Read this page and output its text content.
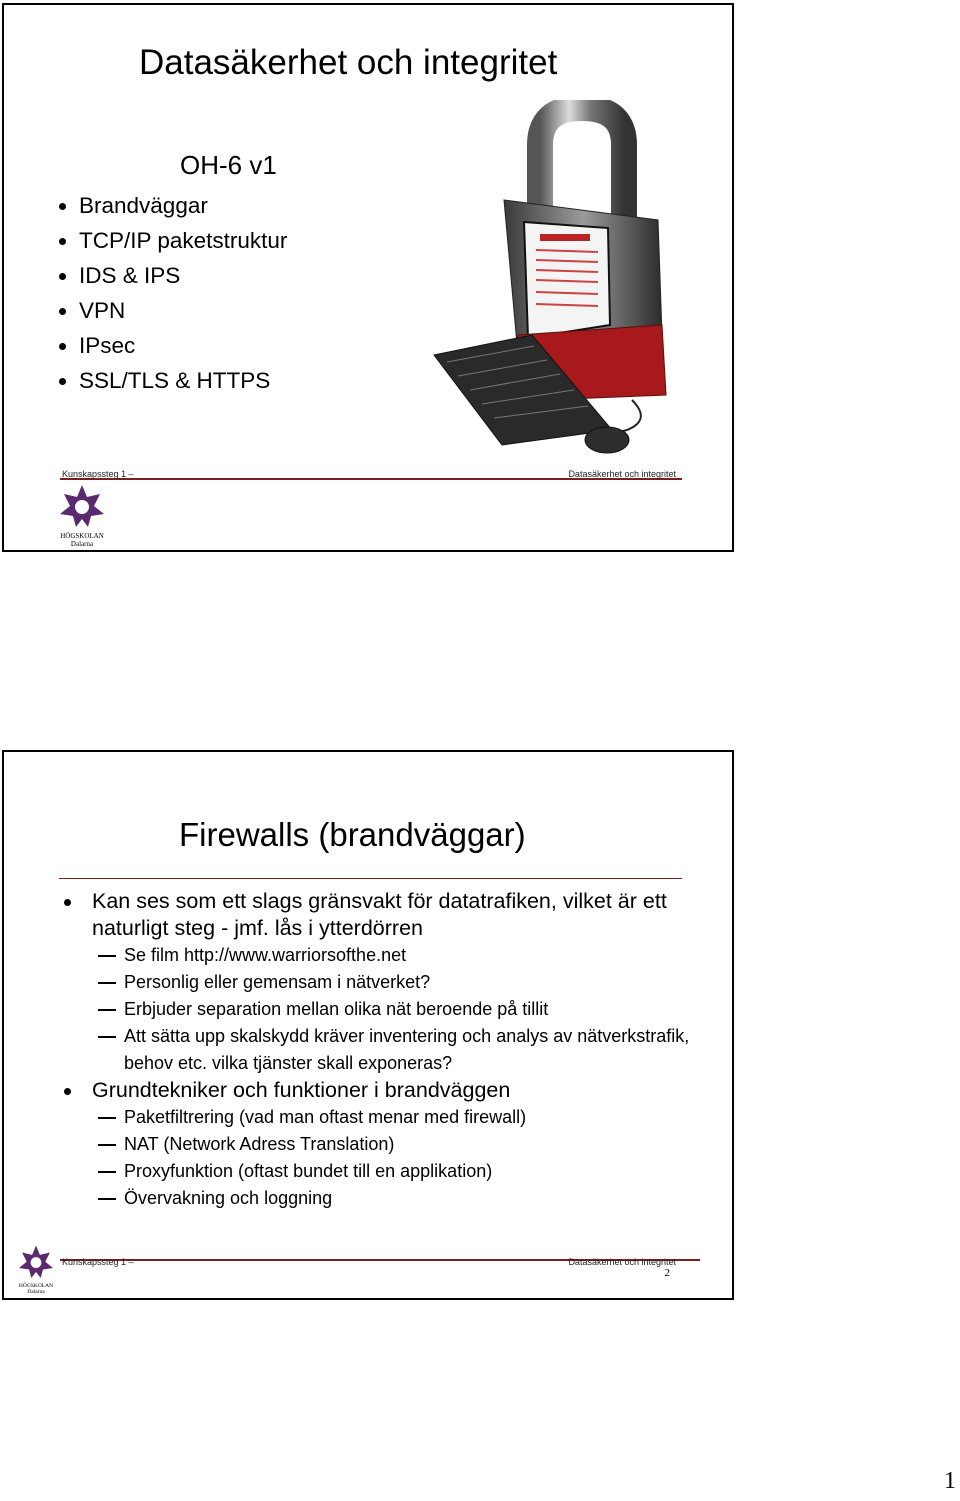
Datasäkerhet och integritet
OH-6 v1
Brandväggar
TCP/IP paketstruktur
IDS & IPS
VPN
IPsec
SSL/TLS & HTTPS
Kunskapssteg 1 –	Datasäkerhet och integritet
HÖGSKOLAN
Dalarna
Firewalls (brandväggar)
Kan ses som ett slags gränsvakt för datatrafiken, vilket är ett naturligt steg - jmf. lås i ytterdörren
Se film http://www.warriorsofthe.net
Personlig eller gemensam i nätverket?
Erbjuder separation mellan olika nät beroende på tillit
Att sätta upp skalskydd kräver inventering och analys av nätverkstrafik, behov etc. vilka tjänster skall exponeras?
Grundtekniker och funktioner i brandväggen
Paketfiltrering (vad man oftast menar med firewall)
NAT (Network Adress Translation)
Proxyfunktion (oftast bundet till en applikation)
Övervakning och loggning
HÖGSKOLAN
Dalarna
Kunskapssteg 1 –	Datasäkerhet och integritet
2
1
